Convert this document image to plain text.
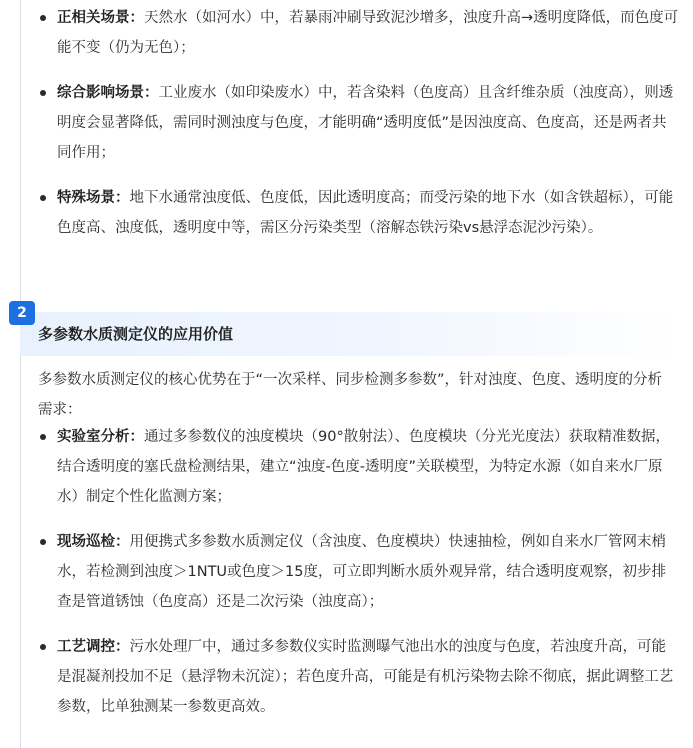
正相关场景：天然水（如河水）中，若暴雨冲刷导致泥沙增多，浊度升高→透明度降低，而色度可能不变（仍为无色）；
综合影响场景：工业废水（如印染废水）中，若含染料（色度高）且含纤维杂质（浊度高），则透明度会显著降低，需同时测浊度与色度，才能明确“透明度低”是因浊度高、色度高，还是两者共同作用；
特殊场景：地下水通常浊度低、色度低，因此透明度高；而受污染的地下水（如含铁超标），可能色度高、浊度低，透明度中等，需区分污染类型（溶解态铁污染vs悬浮态泥沙污染）。
2
多参数水质测定仪的应用价值
多参数水质测定仪的核心优势在于“一次采样、同步检测多参数”，针对浊度、色度、透明度的分析需求：
实验室分析：通过多参数仪的浊度模块（90°散射法）、色度模块（分光光度法）获取精准数据，结合透明度的塞氏盘检测结果，建立“浊度-色度-透明度”关联模型，为特定水源（如自来水厂原水）制定个性化监测方案；
现场巡检：用便携式多参数水质测定仪（含浊度、色度模块）快速抽检，例如自来水厂管网末梢水，若检测到浊度＞1NTU或色度＞15度，可立即判断水质外观异常，结合透明度观察，初步排查是管道锈蚀（色度高）还是二次污染（浊度高）；
工艺调控：污水处理厂中，通过多参数仪实时监测曝气池出水的浊度与色度，若浊度升高，可能是混凝剂投加不足（悬浮物未沉淀）；若色度升高，可能是有机污染物去除不彻底，据此调整工艺参数，比单独测某一参数更高效。
